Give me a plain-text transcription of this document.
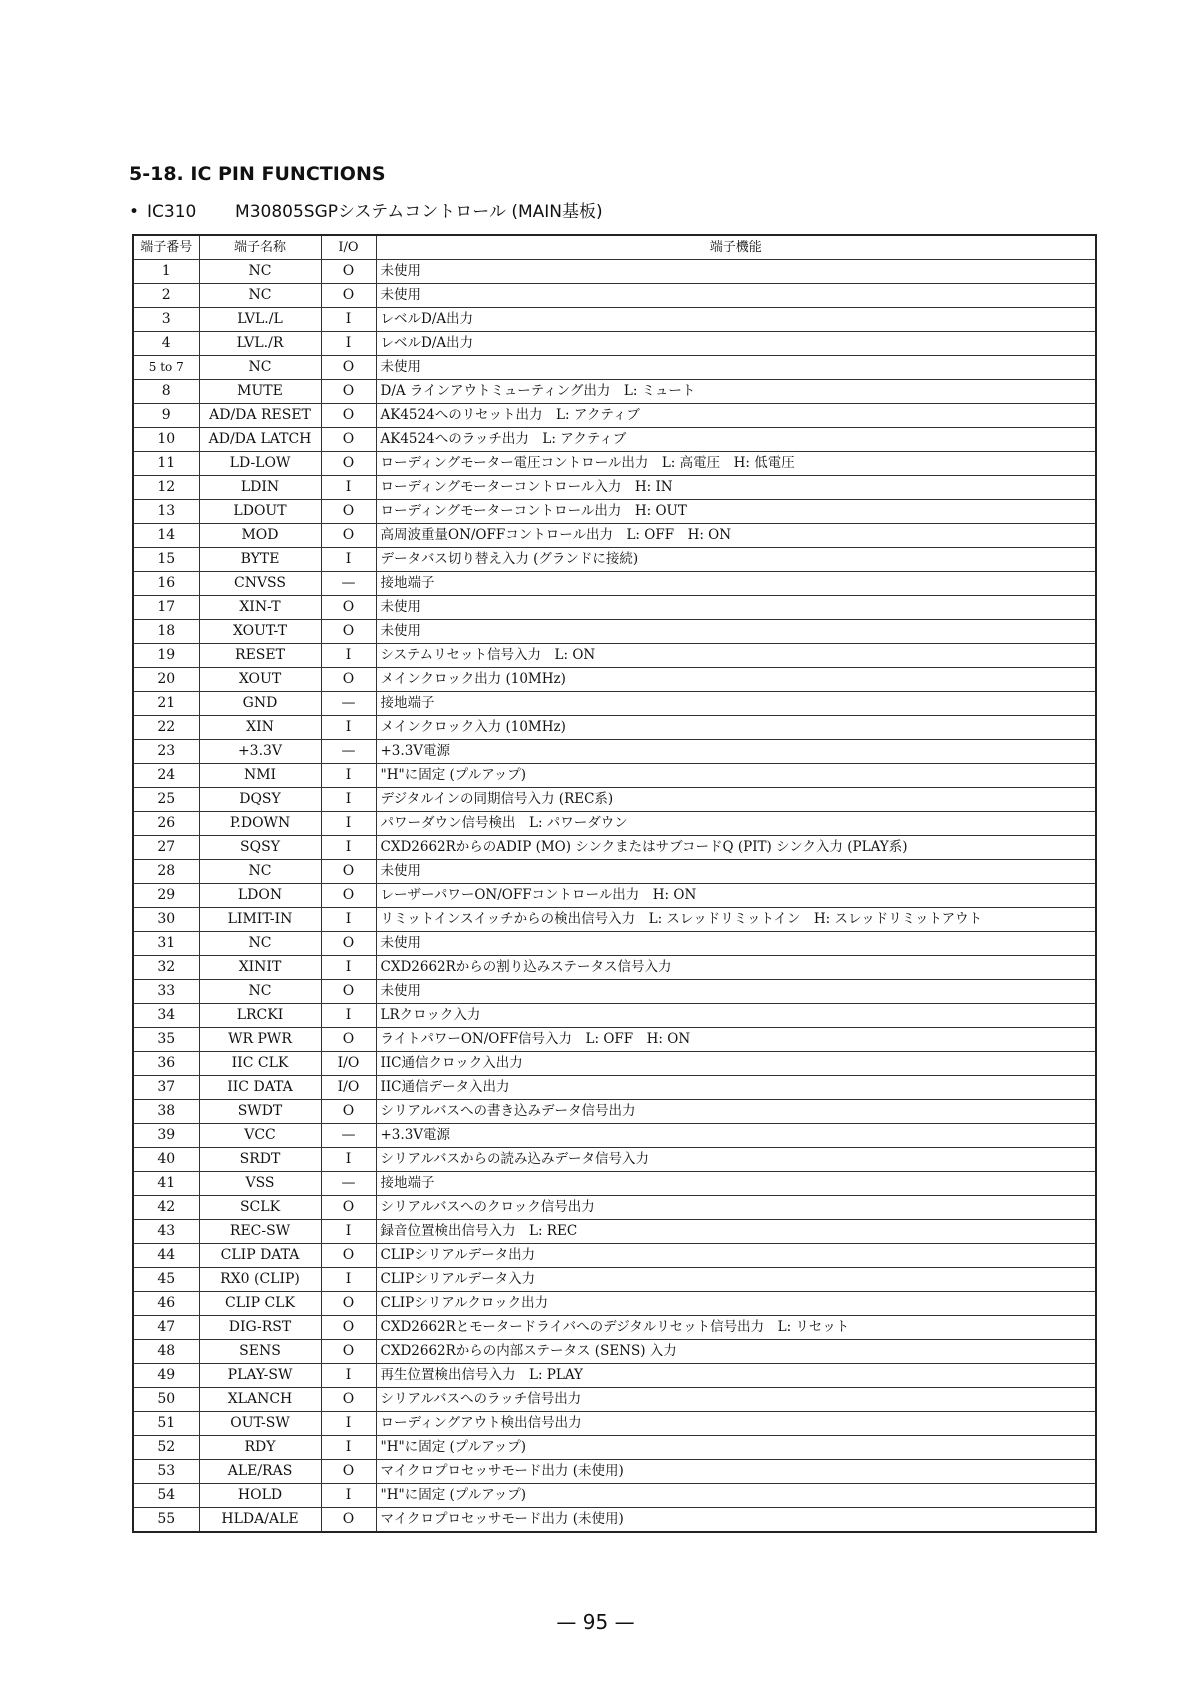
5-18. IC PIN FUNCTIONS

• IC310 M30805SGPシステムコントロール (MAIN基板)

端子番号	端子名称	I/O	端子機能
1	NC	O	未使用
2	NC	O	未使用
3	LVL./L	I	レベルD/A出力
4	LVL./R	I	レベルD/A出力
5 to 7	NC	O	未使用
8	MUTE	O	D/A ラインアウトミューティング出力　L: ミュート
9	AD/DA RESET	O	AK4524へのリセット出力　L: アクティブ
10	AD/DA LATCH	O	AK4524へのラッチ出力　L: アクティブ
11	LD-LOW	O	ローディングモーター電圧コントロール出力　L: 高電圧　H: 低電圧
12	LDIN	I	ローディングモーターコントロール入力　H: IN
13	LDOUT	O	ローディングモーターコントロール出力　H: OUT
14	MOD	O	高周波重量ON/OFFコントロール出力　L: OFF　H: ON
15	BYTE	I	データバス切り替え入力 (グランドに接続)
16	CNVSS	—	接地端子
17	XIN-T	O	未使用
18	XOUT-T	O	未使用
19	RESET	I	システムリセット信号入力　L: ON
20	XOUT	O	メインクロック出力 (10MHz)
21	GND	—	接地端子
22	XIN	I	メインクロック入力 (10MHz)
23	+3.3V	—	+3.3V電源
24	NMI	I	"H"に固定 (プルアップ)
25	DQSY	I	デジタルインの同期信号入力 (REC系)
26	P.DOWN	I	パワーダウン信号検出　L: パワーダウン
27	SQSY	I	CXD2662RからのADIP (MO) シンクまたはサブコードQ (PIT) シンク入力 (PLAY系)
28	NC	O	未使用
29	LDON	O	レーザーパワーON/OFFコントロール出力　H: ON
30	LIMIT-IN	I	リミットインスイッチからの検出信号入力　L: スレッドリミットイン　H: スレッドリミットアウト
31	NC	O	未使用
32	XINIT	I	CXD2662Rからの割り込みステータス信号入力
33	NC	O	未使用
34	LRCKI	I	LRクロック入力
35	WR PWR	O	ライトパワーON/OFF信号入力　L: OFF　H: ON
36	IIC CLK	I/O	IIC通信クロック入出力
37	IIC DATA	I/O	IIC通信データ入出力
38	SWDT	O	シリアルバスへの書き込みデータ信号出力
39	VCC	—	+3.3V電源
40	SRDT	I	シリアルバスからの読み込みデータ信号入力
41	VSS	—	接地端子
42	SCLK	O	シリアルバスへのクロック信号出力
43	REC-SW	I	録音位置検出信号入力　L: REC
44	CLIP DATA	O	CLIPシリアルデータ出力
45	RX0 (CLIP)	I	CLIPシリアルデータ入力
46	CLIP CLK	O	CLIPシリアルクロック出力
47	DIG-RST	O	CXD2662Rとモータードライバへのデジタルリセット信号出力　L: リセット
48	SENS	O	CXD2662Rからの内部ステータス (SENS) 入力
49	PLAY-SW	I	再生位置検出信号入力　L: PLAY
50	XLANCH	O	シリアルバスへのラッチ信号出力
51	OUT-SW	I	ローディングアウト検出信号出力
52	RDY	I	"H"に固定 (プルアップ)
53	ALE/RAS	O	マイクロプロセッサモード出力 (未使用)
54	HOLD	I	"H"に固定 (プルアップ)
55	HLDA/ALE	O	マイクロプロセッサモード出力 (未使用)
— 95 —
